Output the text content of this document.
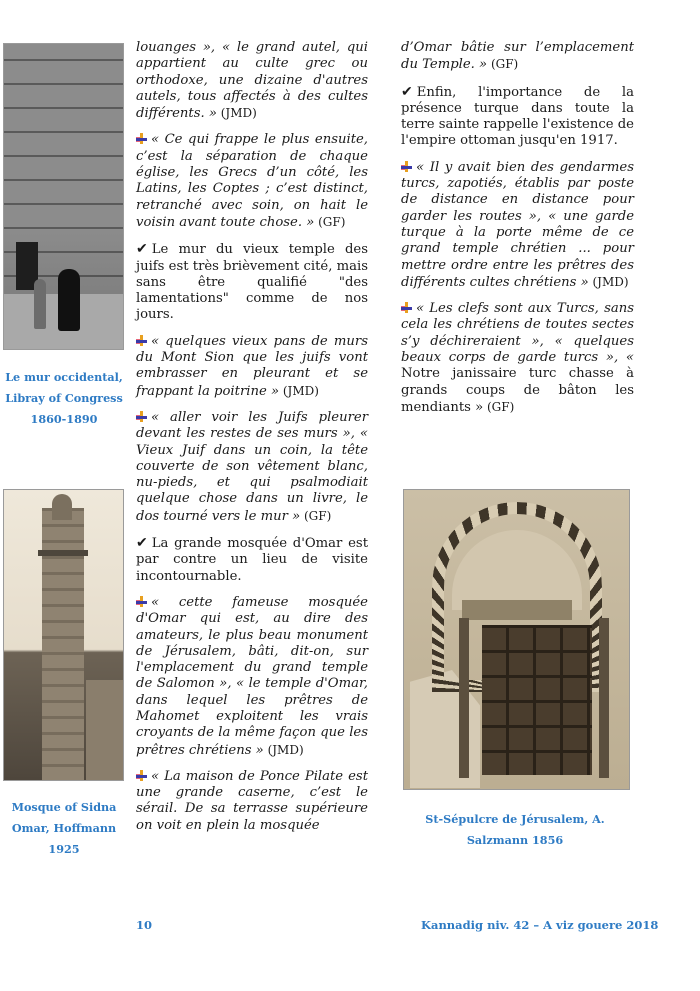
Le mur occidental,
Libray of Congress
1860-1890
Mosque of Sidna
Omar, Hoffmann
1925

louanges », « le grand autel, qui appartient au culte grec ou orthodoxe, une dizaine d'autres autels, tous affectés à des cultes différents. » (JMD)

« Ce qui frappe le plus ensuite, c’est la séparation de chaque église, les Grecs d’un côté, les Latins, les Coptes ; c’est distinct, retranché avec soin, on hait le voisin avant toute chose. » (GF)

✔ Le mur du vieux temple des juifs est très brièvement cité, mais sans être qualifié "des lamentations" comme de nos jours.

« quelques vieux pans de murs du Mont Sion que les juifs vont embrasser en pleurant et se frappant la poitrine » (JMD)

« aller voir les Juifs pleurer devant les restes de ses murs », « Vieux Juif dans un coin, la tête couverte de son vêtement blanc, nu-pieds, et qui psalmodiait quelque chose dans un livre, le dos tourné vers le mur » (GF)

✔ La grande mosquée d'Omar est par contre un lieu de visite incontournable.

« cette fameuse mosquée d'Omar qui est, au dire des amateurs, le plus beau monument de Jérusalem, bâti, dit-on, sur l'emplacement du grand temple de Salomon », « le temple d'Omar, dans lequel les prêtres de Mahomet exploitent les vrais croyants de la même façon que les prêtres chrétiens » (JMD)

« La maison de Ponce Pilate est une grande caserne, c’est le sérail. De sa terrasse supérieure on voit en plein la mosquée

d’Omar bâtie sur l’emplacement du Temple. » (GF)

✔ Enfin, l'importance de la présence turque dans toute la terre sainte rappelle l'existence de l'empire ottoman jusqu'en 1917.

« Il y avait bien des gendarmes turcs, zapotiés, établis par poste de distance en distance pour garder les routes », « une garde turque à la porte même de ce grand temple chrétien ... pour mettre ordre entre les prêtres des différents cultes chrétiens » (JMD)

« Les clefs sont aux Turcs, sans cela les chrétiens de toutes sectes s’y déchireraient », « quelques beaux corps de garde turcs », « Notre janissaire turc chasse à grands coups de bâton les mendiants » (GF)

St-Sépulcre de Jérusalem, A.
Salzmann 1856
10	Kannadig niv. 42 – A viz gouere 2018
